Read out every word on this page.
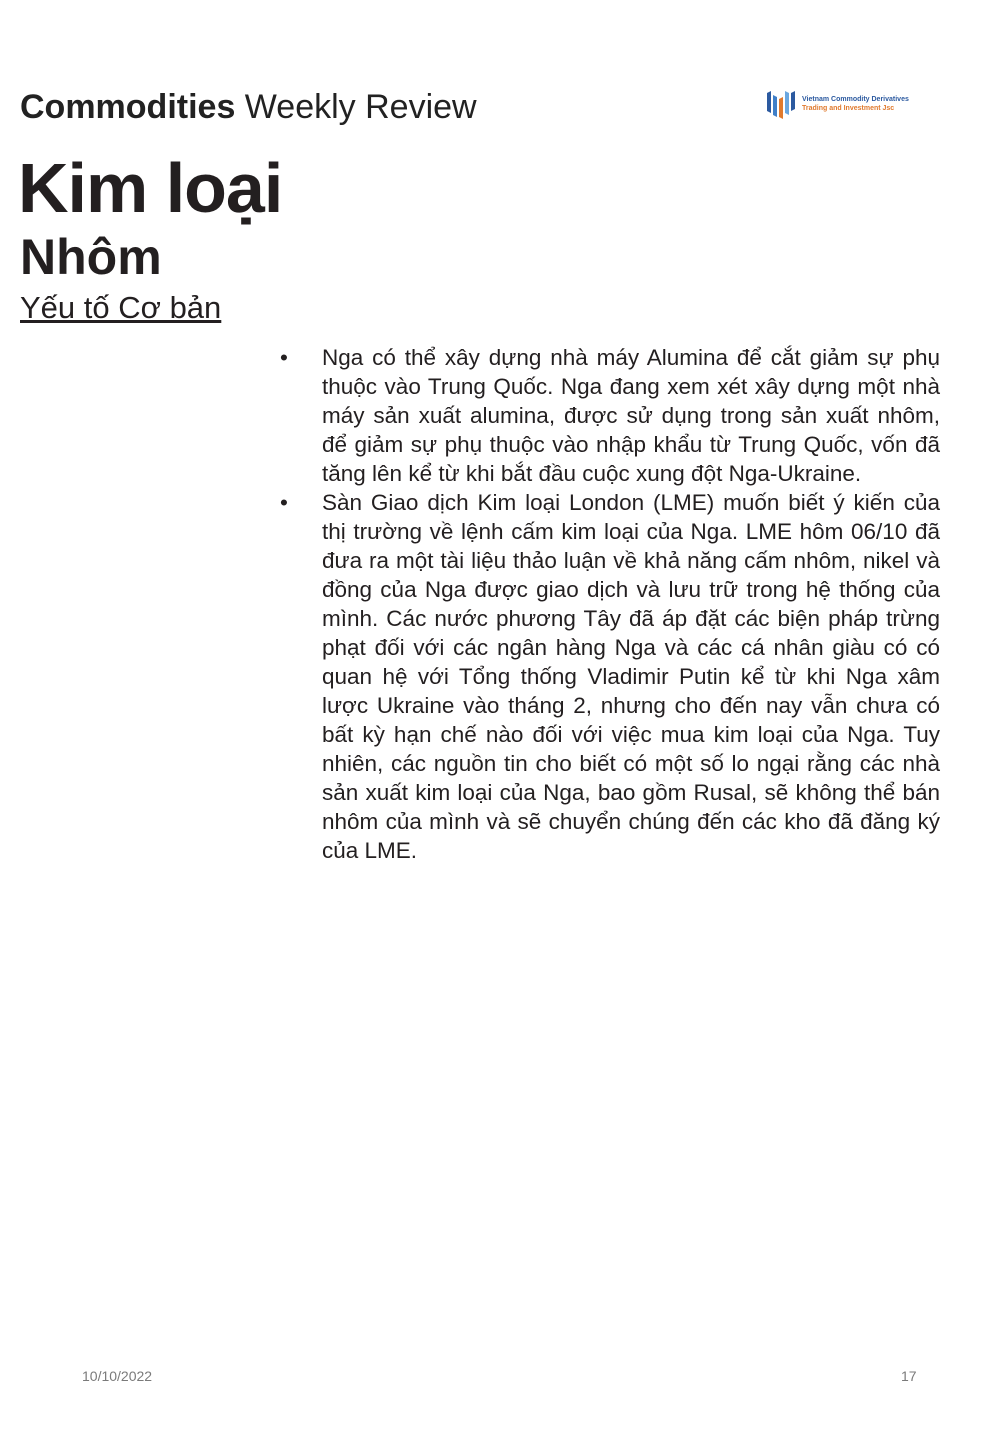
Commodities Weekly Review	Vietnam Commodity Derivatives
Trading and Investment Jsc
Kim loại
Nhôm
Yếu tố Cơ bản
• Nga có thể xây dựng nhà máy Alumina để cắt giảm sự phụ thuộc vào Trung Quốc. Nga đang xem xét xây dựng một nhà máy sản xuất alumina, được sử dụng trong sản xuất nhôm, để giảm sự phụ thuộc vào nhập khẩu từ Trung Quốc, vốn đã tăng lên kể từ khi bắt đầu cuộc xung đột Nga-Ukraine.
• Sàn Giao dịch Kim loại London (LME) muốn biết ý kiến của thị trường về lệnh cấm kim loại của Nga. LME hôm 06/10 đã đưa ra một tài liệu thảo luận về khả năng cấm nhôm, nikel và đồng của Nga được giao dịch và lưu trữ trong hệ thống của mình. Các nước phương Tây đã áp đặt các biện pháp trừng phạt đối với các ngân hàng Nga và các cá nhân giàu có có quan hệ với Tổng thống Vladimir Putin kể từ khi Nga xâm lược Ukraine vào tháng 2, nhưng cho đến nay vẫn chưa có bất kỳ hạn chế nào đối với việc mua kim loại của Nga. Tuy nhiên, các nguồn tin cho biết có một số lo ngại rằng các nhà sản xuất kim loại của Nga, bao gồm Rusal, sẽ không thể bán nhôm của mình và sẽ chuyển chúng đến các kho đã đăng ký của LME.
10/10/2022	17
